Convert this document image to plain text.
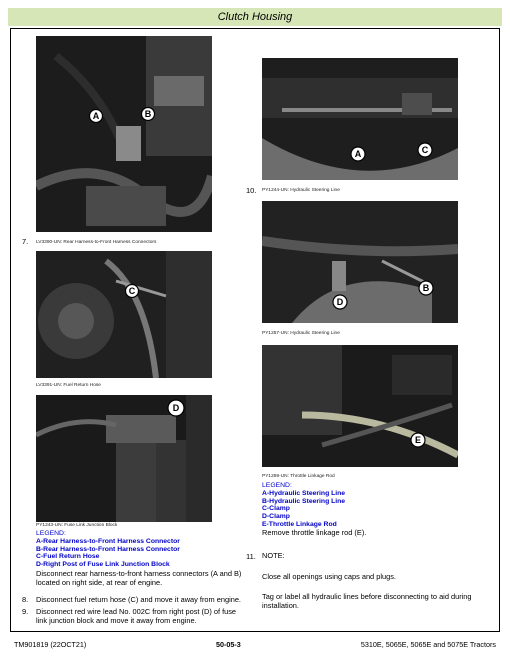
Clutch Housing
A	B
7. LV3390-UN: Rear Harness-to-Front Harness Connectors
C
LV3391-UN: Fuel Return Hose
D
PY1243-UN: Fuse Link Junction Block
LEGEND:
A-Rear Harness-to-Front Harness Connector
B-Rear Harness-to-Front Harness Connector
C-Fuel Return Hose
D-Right Post of Fuse Link Junction Block
Disconnect rear harness-to-front harness connectors (A and B) located on right side, at rear of engine.
8. Disconnect fuel return hose (C) and move it away from engine.
9. Disconnect red wire lead No. 002C from right post (D) of fuse link junction block and move it away from engine.
A	C
10. PY1244-UN: Hydraulic Steering Line
D
B
PY1257-UN: Hydraulic Steering Line
E
PY1259-UN: Throttle Linkage Rod
LEGEND:
A-Hydraulic Steering Line
B-Hydraulic Steering Line
C-Clamp
D-Clamp
E-Throttle Linkage Rod
Remove throttle linkage rod (E).
11. NOTE:
Close all openings using caps and plugs.
Tag or label all hydraulic lines before disconnecting to aid during installation.
TM901819 (22OCT21)	50-05-3	5310E, 5065E, 5065E and 5075E Tractors
